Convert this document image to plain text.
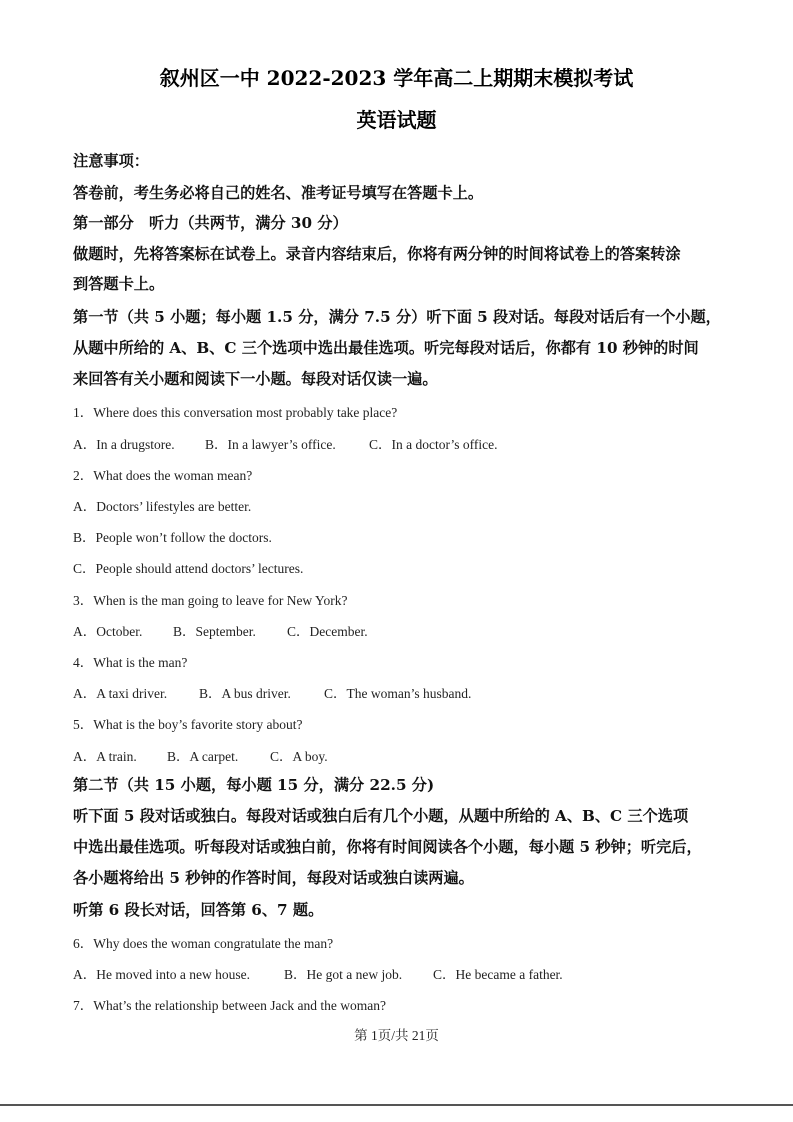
叙州区一中 2022-2023 学年高二上期期末模拟考试
英语试题
注意事项：
答卷前，考生务必将自己的姓名、准考证号填写在答题卡上。
第一部分　听力（共两节，满分 30 分）
做题时，先将答案标在试卷上。录音内容结束后，你将有两分钟的时间将试卷上的答案转涂
到答题卡上。
第一节（共 5 小题；每小题 1.5 分，满分 7.5 分）听下面 5 段对话。每段对话后有一个小题，
从题中所给的 A、B、C 三个选项中选出最佳选项。听完每段对话后，你都有 10 秒钟的时间
来回答有关小题和阅读下一小题。每段对话仅读一遍。
1．Where does this conversation most probably take place?
A．In a drugstore. B．In a lawyer’s office. C．In a doctor’s office.
2．What does the woman mean?
A．Doctors’ lifestyles are better.
B．People won’t follow the doctors.
C．People should attend doctors’ lectures.
3．When is the man going to leave for New York?
A．October. B．September. C．December.
4．What is the man?
A．A taxi driver. B．A bus driver. C．The woman’s husband.
5．What is the boy’s favorite story about?
A．A train. B．A carpet. C．A boy.
第二节（共 15 小题，每小题 15 分，满分 22.5 分)
听下面 5 段对话或独白。每段对话或独白后有几个小题，从题中所给的 A、B、C 三个选项
中选出最佳选项。听每段对话或独白前，你将有时间阅读各个小题，每小题 5 秒钟；听完后，
各小题将给出 5 秒钟的作答时间，每段对话或独白读两遍。
听第 6 段长对话，回答第 6、7 题。
6．Why does the woman congratulate the man?
A．He moved into a new house.	B．He got a new job. C．He became a father.
7．What’s the relationship between Jack and the woman?
第 1页/共 21页
